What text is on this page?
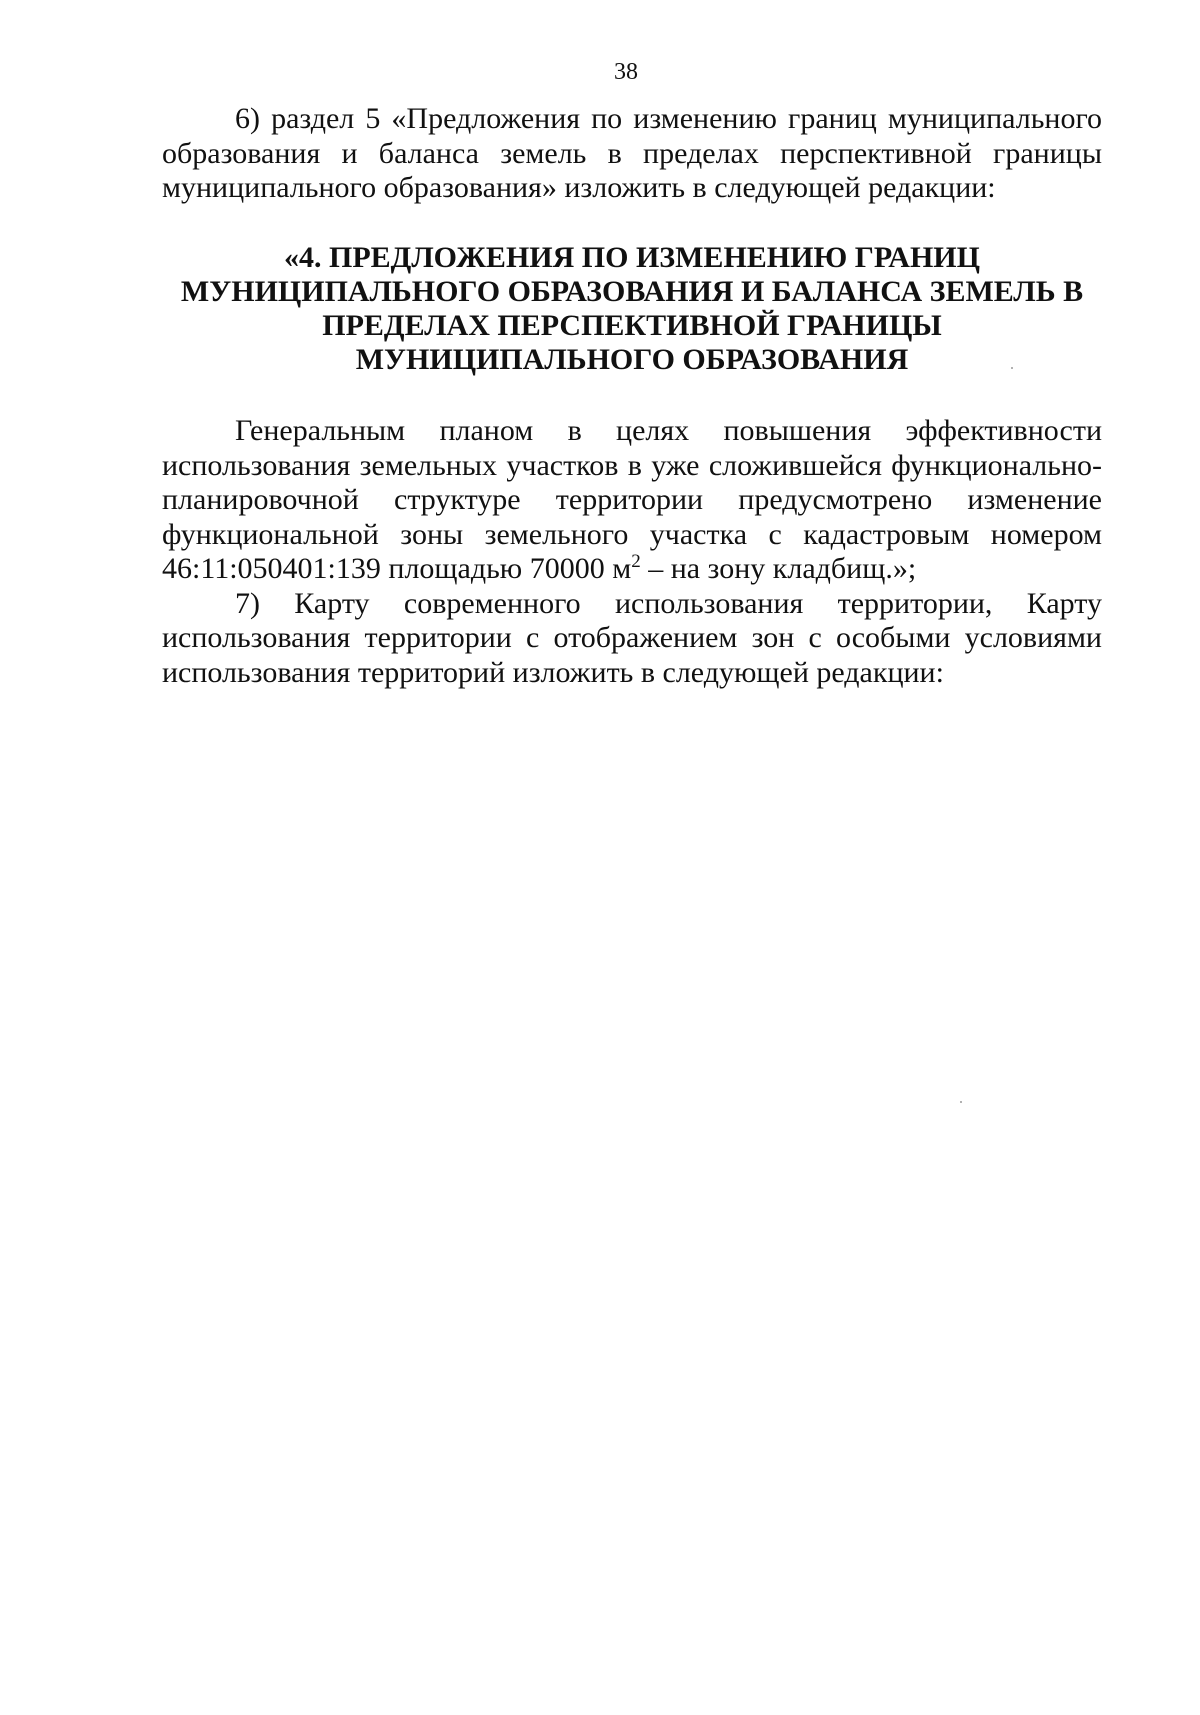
38

6) раздел 5 «Предложения по изменению границ муниципального образования и баланса земель в пределах перспективной границы муниципального образования» изложить в следующей редакции:

«4. ПРЕДЛОЖЕНИЯ ПО ИЗМЕНЕНИЮ ГРАНИЦ МУНИЦИПАЛЬНОГО ОБРАЗОВАНИЯ И БАЛАНСА ЗЕМЕЛЬ В ПРЕДЕЛАХ ПЕРСПЕКТИВНОЙ ГРАНИЦЫ МУНИЦИПАЛЬНОГО ОБРАЗОВАНИЯ

Генеральным планом в целях повышения эффективности использования земельных участков в уже сложившейся функционально-планировочной структуре территории предусмотрено изменение функциональной зоны земельного участка с кадастровым номером 46:11:050401:139 площадью 70000 $м^2$ – на зону кладбищ.»;

7) Карту современного использования территории, Карту использования территории с отображением зон с особыми условиями использования территорий изложить в следующей редакции:
